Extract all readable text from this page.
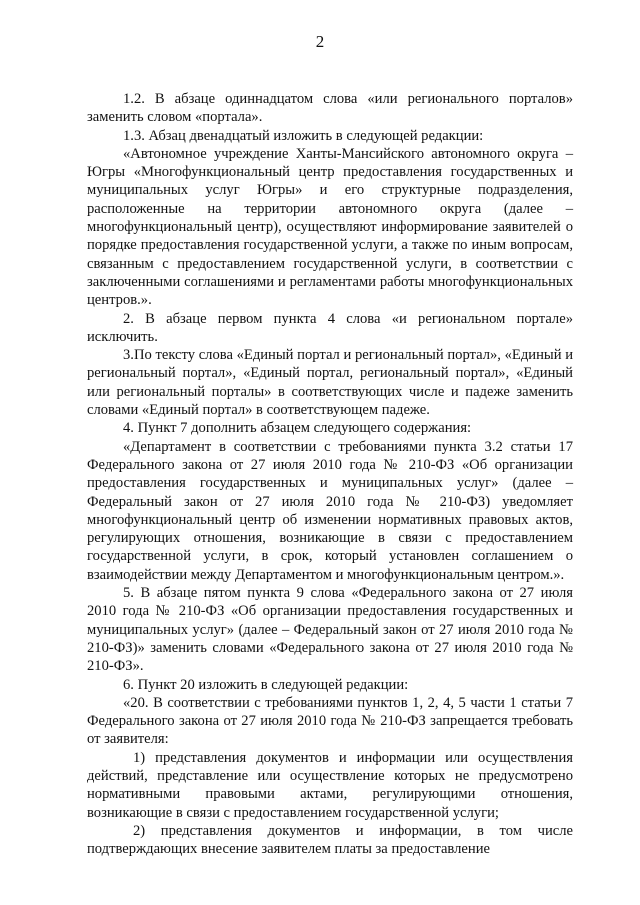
2

1.2. В абзаце одиннадцатом слова «или регионального порталов» заменить словом «портала».

1.3. Абзац двенадцатый изложить в следующей редакции:

«Автономное учреждение Ханты-Мансийского автономного округа – Югры «Многофункциональный центр предоставления государственных и муниципальных услуг Югры» и его структурные подразделения, расположенные на территории автономного округа (далее – многофункциональный центр), осуществляют информирование заявителей о порядке предоставления государственной услуги, а также по иным вопросам, связанным с предоставлением государственной услуги, в соответствии с заключенными соглашениями и регламентами работы многофункциональных центров.».

2. В абзаце первом пункта 4 слова «и региональном портале» исключить.

3.По тексту слова «Единый портал и региональный портал», «Единый и региональный портал», «Единый портал, региональный портал», «Единый или региональный порталы» в соответствующих числе и падеже заменить словами «Единый портал» в соответствующем падеже.

4. Пункт 7 дополнить абзацем следующего содержания:

«Департамент в соответствии с требованиями пункта 3.2 статьи 17 Федерального закона от 27 июля 2010 года № 210-ФЗ «Об организации предоставления государственных и муниципальных услуг» (далее – Федеральный закон от 27 июля 2010 года № 210-ФЗ) уведомляет многофункциональный центр об изменении нормативных правовых актов, регулирующих отношения, возникающие в связи с предоставлением государственной услуги, в срок, который установлен соглашением о взаимодействии между Департаментом и многофункциональным центром.».

5. В абзаце пятом пункта 9 слова «Федерального закона от 27 июля 2010 года № 210-ФЗ «Об организации предоставления государственных и муниципальных услуг» (далее – Федеральный закон от 27 июля 2010 года № 210-ФЗ)» заменить словами «Федерального закона от 27 июля 2010 года № 210-ФЗ».

6. Пункт 20 изложить в следующей редакции:

«20. В соответствии с требованиями пунктов 1, 2, 4, 5 части 1 статьи 7 Федерального закона от 27 июля 2010 года № 210-ФЗ запрещается требовать от заявителя:

1) представления документов и информации или осуществления действий, представление или осуществление которых не предусмотрено нормативными правовыми актами, регулирующими отношения, возникающие в связи с предоставлением государственной услуги;

2) представления документов и информации, в том числе подтверждающих внесение заявителем платы за предоставление
